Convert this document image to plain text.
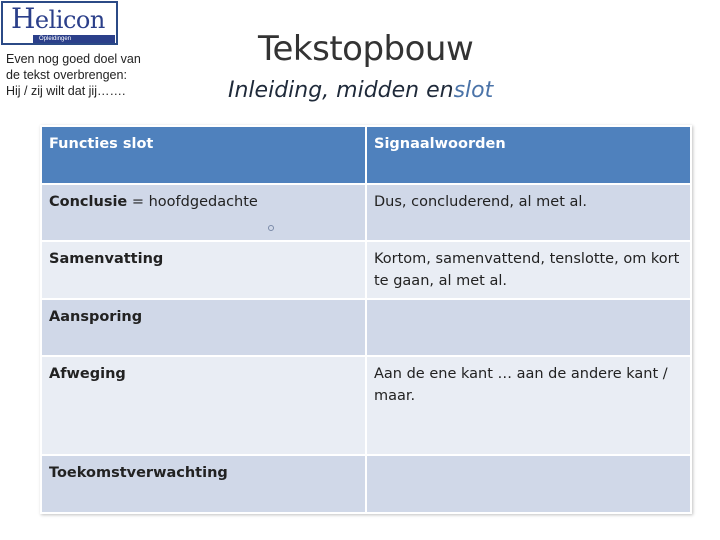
Helicon
Opleidingen
Even nog goed doel van
de tekst overbrengen:
Hij / zij wilt dat jij…….
Tekstopbouw
Inleiding, midden enslot
Functies slot	Signaalwoorden
Conclusie = hoofdgedachte	Dus, concluderend, al met al.
Samenvatting	Kortom, samenvattend, tenslotte, om kort te gaan, al met al.
Aansporing	
Afweging	Aan de ene kant … aan de andere kant / maar.
Toekomstverwachting	
